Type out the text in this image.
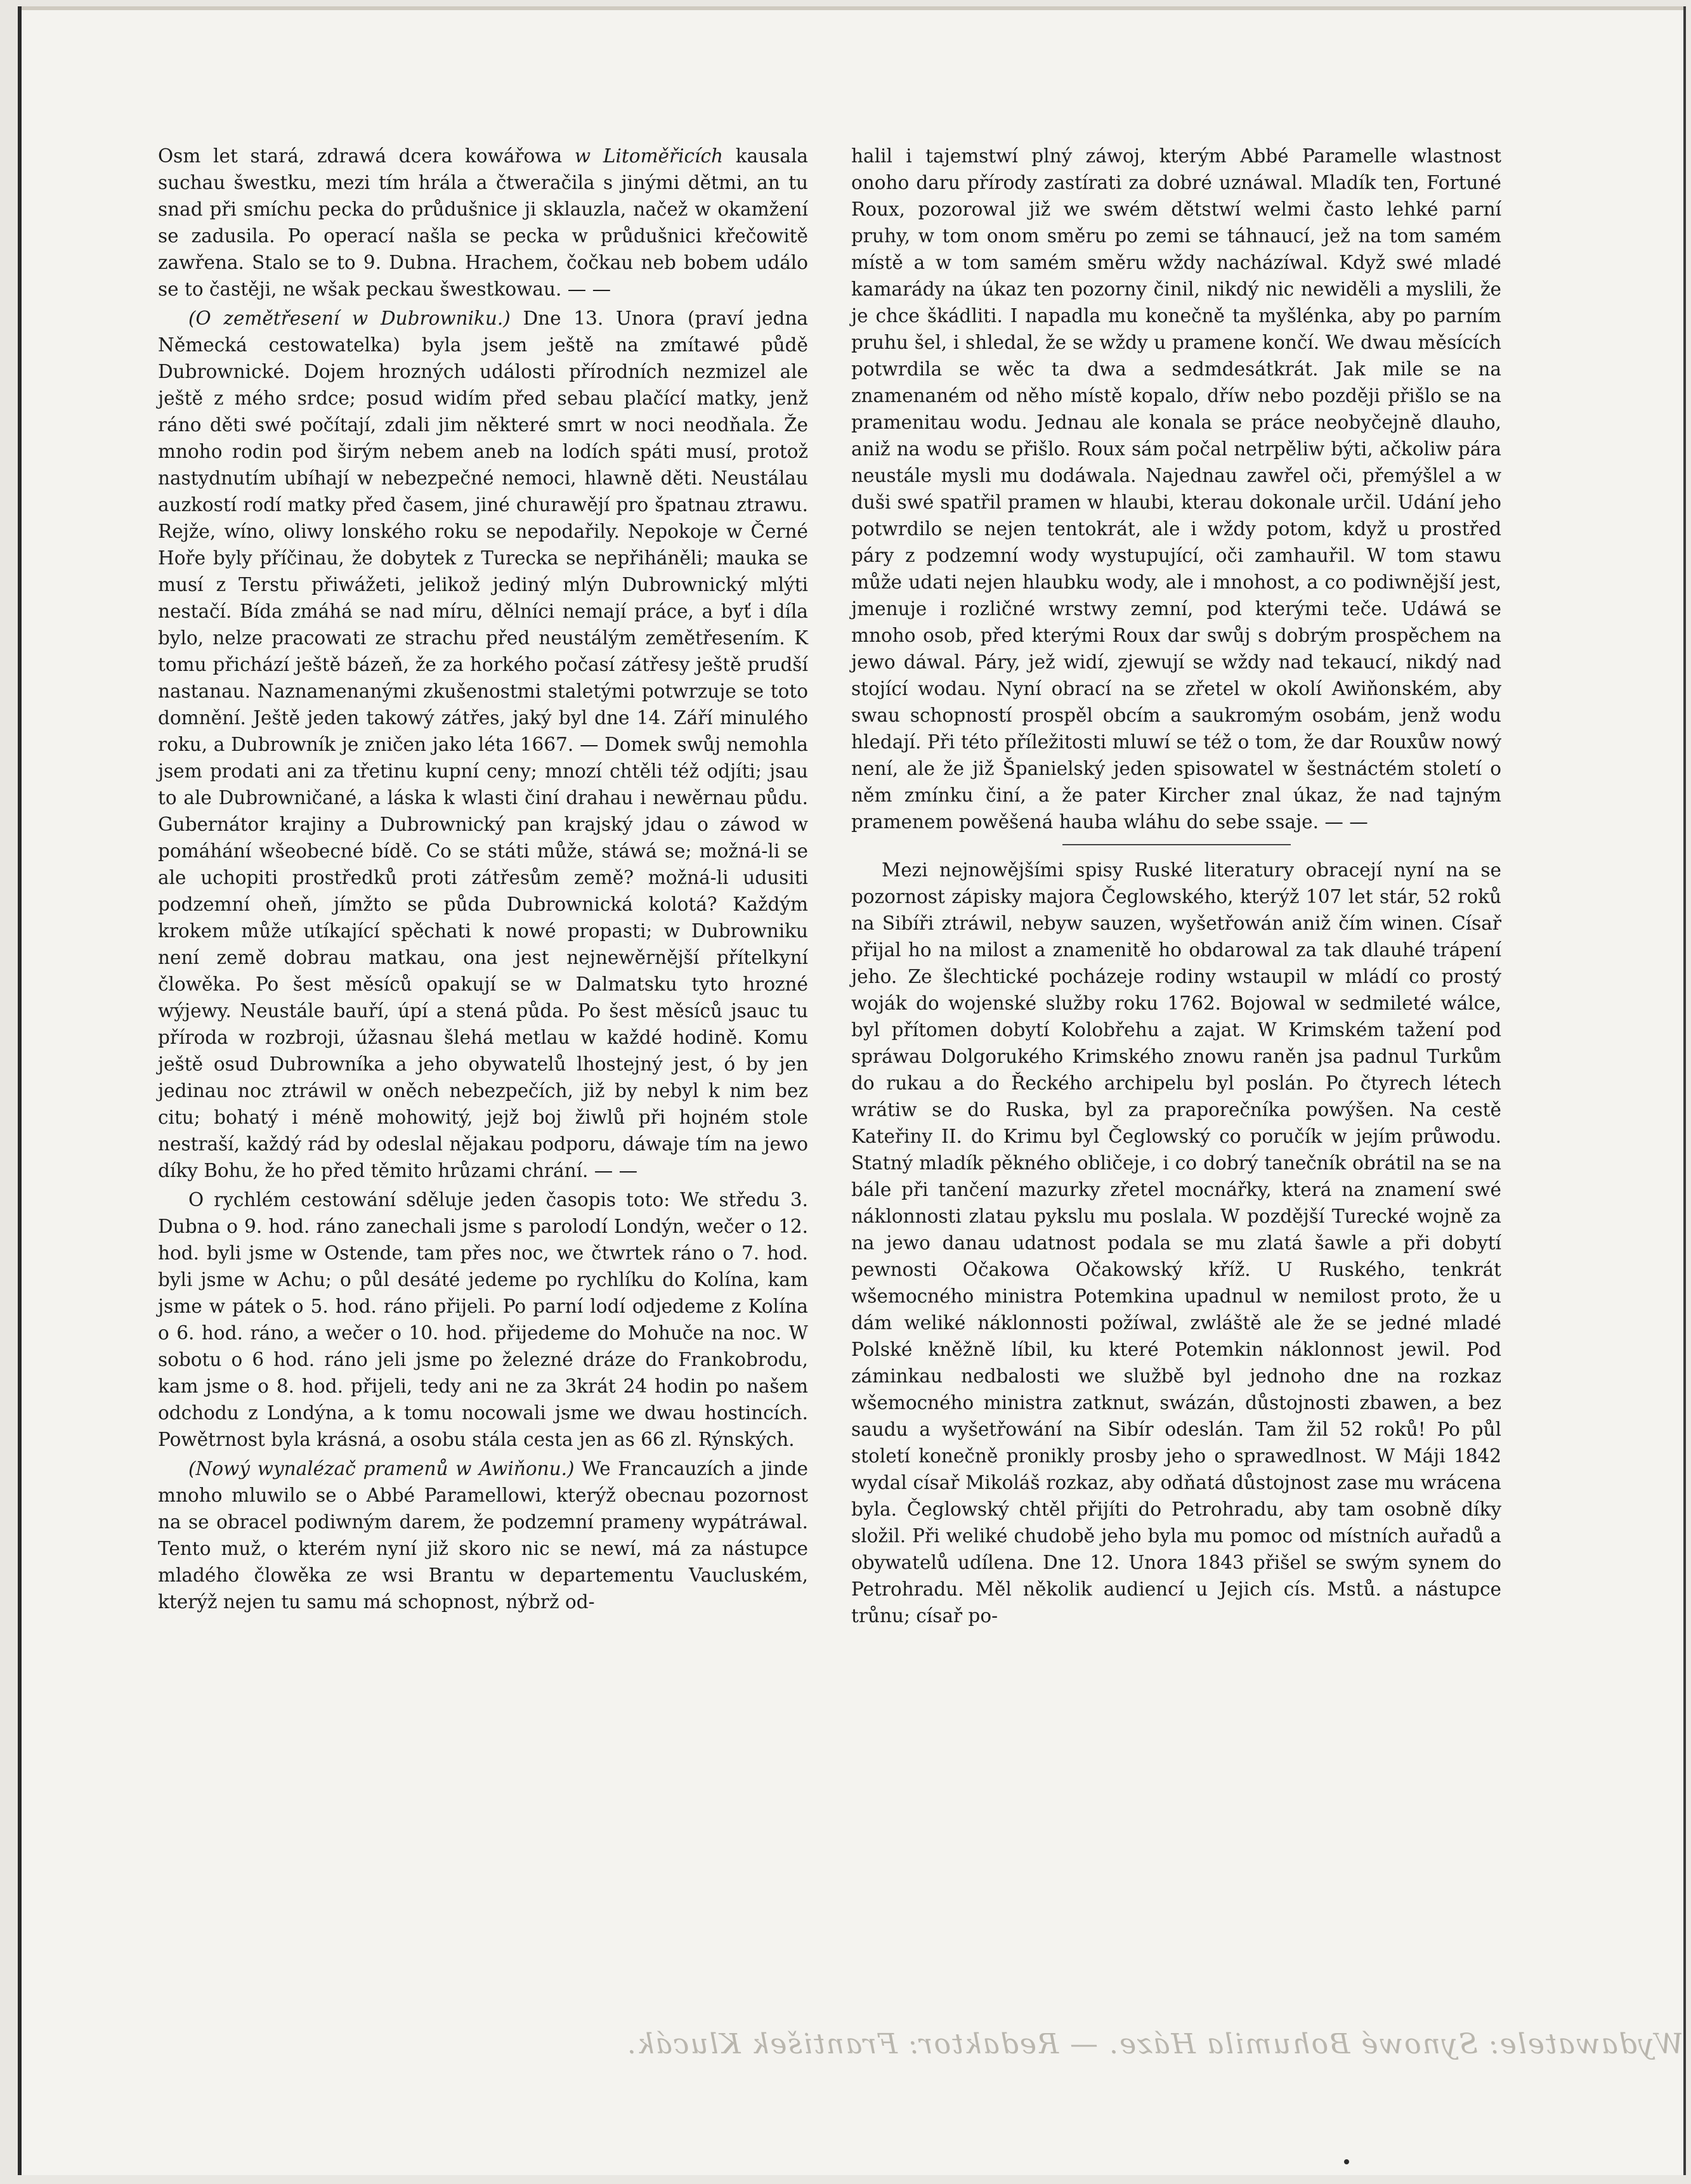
Osm let stará, zdrawá dcera kowářowa w Litoměřicích kausala suchau šwestku, mezi tím hrála a čtweračila s jinými dětmi, an tu snad při smíchu pecka do průdušnice ji sklauzla, načež w okamžení se zadusila. Po operací našla se pecka w průdušnici křečowitě zawřena. Stalo se to 9. Dubna. Hrachem, čočkau neb bobem událo se to častěji, ne wšak peckau šwestkowau. — —

(O zemětřesení w Dubrowniku.) Dne 13. Unora (praví jedna Německá cestowatelka) byla jsem ještě na zmítawé půdě Dubrownické. Dojem hrozných události přírodních nezmizel ale ještě z mého srdce; posud widím před sebau plačící matky, jenž ráno děti swé počítají, zdali jim některé smrt w noci neodňala. Že mnoho rodin pod širým nebem aneb na lodích spáti musí, protož nastydnutím ubíhají w nebezpečné nemoci, hlawně děti. Neustálau auzkostí rodí matky před časem, jiné churawějí pro špatnau ztrawu. Rejže, wíno, oliwy lonského roku se nepodařily. Nepokoje w Černé Hoře byly příčinau, že dobytek z Turecka se nepřihánělі; mauka se musí z Terstu přiwážeti, jelikož jediný mlýn Dubrownický mlýti nestačí. Bída zmáhá se nad míru, dělníci nemají práce, a byť i díla bylo, nelze pracowati ze strachu před neustálým zemětřesením. K tomu přichází ještě bázeň, že za horkého počasí zátřesy ještě prudší nastanau. Naznamenanými zkušenostmi staletými potwrzuje se toto domnění. Ještě jeden takowý zátřes, jaký byl dne 14. Září minulého roku, a Dubrowník je zničen jako léta 1667. — Domek swůj nemohla jsem prodati ani za třetinu kupní ceny; mnozí chtěli též odjíti; jsau to ale Dubrowničané, a láska k wlasti činí drahau i newěrnau půdu. Gubernátor krajiny a Dubrownický pan krajský jdau o záwod w pomáhání wšeobecné bídě. Co se státi může, stáwá se; možná-li se ale uchopiti prostředků proti zátřesům země? možná-li udusiti podzemní oheň, jímžto se půda Dubrownická kolotá? Každým krokem může utíkající spěchati k nowé propasti; w Dubrowniku není země dobrau matkau, ona jest nejnewěrnější přítelkyní člowěka. Po šest měsíců opakují se w Dalmatsku tyto hrozné wýjewy. Neustále bauří, úpí a stená půda. Po šest měsíců jsauc tu příroda w rozbroji, úžasnau šlehá metlau w každé hodině. Komu ještě osud Dubrowníka a jeho obywatelů lhostejný jest, ó by jen jedinau noc ztráwil w oněch nebezpečích, již by nebyl k nim bez citu; bohatý i méně mohowitý, jejž boj žiwlů při hojném stole nestraší, každý rád by odeslal nějakau podporu, dáwaje tím na jewo díky Bohu, že ho před těmito hrůzami chrání. — —

O rychlém cestowání sděluje jeden časopis toto: We středu 3. Dubna o 9. hod. ráno zanechali jsme s parolodí Londýn, wečer o 12. hod. byli jsme w Ostende, tam přes noc, we čtwrtek ráno o 7. hod. byli jsme w Achu; o půl desáté jedeme po rychlíku do Kolína, kam jsme w pátek o 5. hod. ráno přijeli. Po parní lodí odjedeme z Kolína o 6. hod. ráno, a wečer o 10. hod. přijedeme do Mohuče na noc. W sobotu o 6 hod. ráno jeli jsme po železné dráze do Frankobrodu, kam jsme o 8. hod. přijeli, tedy ani ne za 3krát 24 hodin po našem odchodu z Londýna, a k tomu nocowali jsme we dwau hostincích. Powětrnost byla krásná, a osobu stála cesta jen as 66 zl. Rýnských.

(Nowý wynalézač pramenů w Awiňonu.) We Francauzích a jinde mnoho mluwilo se o Abbé Paramellowi, kterýž obecnau pozornost na se obracel podiwným darem, že podzemní prameny wypátráwal. Tento muž, o kterém nyní již skoro nic se newí, má za nástupce mladého člowěka ze wsi Brantu w departementu Vaucluském, kterýž nejen tu samu má schopnost, nýbrž od-

halil i tajemstwí plný záwoj, kterým Abbé Paramelle wlastnost onoho daru přírody zastírati za dobré uznáwal. Mladík ten, Fortuné Roux, pozorowal již we swém dětstwí welmi často lehké parní pruhy, w tom onom směru po zemi se táhnaucí, jež na tom samém místě a w tom samém směru wždy nacházíwal. Když swé mladé kamarády na úkaz ten pozorny činil, nikdý nic newiděli a myslili, že je chce škádliti. I napadla mu konečně ta myšlénka, aby po parním pruhu šel, i shledal, že se wždy u pramene končí. We dwau měsících potwrdila se wěc ta dwa a sedmdesátkrát. Jak mile se na znamenaném od něho místě kopalo, dříw nebo později přišlo se na pramenitau wodu. Jednau ale konala se práce neobyčejně dlauho, aniž na wodu se přišlo. Roux sám počal netrpěliw býti, ačkoliw pára neustále mysli mu dodáwala. Najednau zawřel oči, přemýšlel a w duši swé spatřil pramen w hlaubi, kterau dokonale určil. Udání jeho potwrdilo se nejen tentokrát, ale i wždy potom, když u prostřed páry z podzemní wody wystupující, oči zamhauřil. W tom stawu může udati nejen hlaubku wody, ale i mnohost, a co podiwnější jest, jmenuje i rozličné wrstwy zemní, pod kterými teče. Udáwá se mnoho osob, před kterými Roux dar swůj s dobrým prospěchem na jewo dáwal. Páry, jež widí, zjewují se wždy nad tekaucí, nikdý nad stojící wodau. Nyní obrací na se zřetel w okolí Awiňonském, aby swau schopností prospěl obcím a saukromým osobám, jenž wodu hledají. Při této příležitosti mluwí se též o tom, že dar Rouxůw nowý není, ale že již Španielský jeden spisowatel w šestnáctém století o něm zmínku činí, a že pater Kircher znal úkaz, že nad tajným pramenem powěšená hauba wláhu do sebe ssaje. — —

Mezi nejnowějšími spisy Ruské literatury obracejí nyní na se pozornost zápisky majora Čeglowského, kterýž 107 let stár, 52 roků na Sibíři ztráwil, nebyw sauzen, wyšetřowán aniž čím winen. Císař přijal ho na milost a znamenitě ho obdarowal za tak dlauhé trápení jeho. Ze šlechtické pocházeje rodiny wstaupil w mládí co prostý woják do wojenské služby roku 1762. Bojowal w sedmileté wálce, byl přítomen dobytí Kolobřehu a zajat. W Krimském tažení pod spráwau Dolgorukého Krimského znowu raněn jsa padnul Turkům do rukau a do Řeckého archipelu byl poslán. Po čtyrech létech wrátiw se do Ruska, byl za praporečníka powýšen. Na cestě Kateřiny II. do Krimu byl Čeglowský co poručík w jejím průwodu. Statný mladík pěkného obličeje, i co dobrý tanečník obrátil na se na bále při tančení mazurky zřetel mocnářky, která na znamení swé náklonnosti zlatau pykslu mu poslala. W pozdější Turecké wojně za na jewo danau udatnost podala se mu zlatá šawle a při dobytí pewnosti Očakowa Očakowský kříž. U Ruského, tenkrát wšemocného ministra Potemkina upadnul w nemilost proto, že u dám weliké náklonnosti požíwal, zwláště ale že se jedné mladé Polské kněžně líbil, ku které Potemkin náklonnost jewil. Pod záminkau nedbalosti we službě byl jednoho dne na rozkaz wšemocného ministra zatknut, swázán, důstojnosti zbawen, a bez saudu a wyšetřowání na Sibír odeslán. Tam žil 52 roků! Po půl století konečně pronikly prosby jeho o sprawedlnost. W Máji 1842 wydal císař Mikoláš rozkaz, aby odňatá důstojnost zase mu wrácena byla. Čeglowský chtěl přijíti do Petrohradu, aby tam osobně díky složil. Při weliké chudobě jeho byla mu pomoc od místních auřadů a obywatelů udílena. Dne 12. Unora 1843 přišel se swým synem do Petrohradu. Měl několik audiencí u Jejich cís. Mstů. a nástupce trůnu; císař po-

Wydawatele: Synowé Bohumila Háze. — Redaktor: František Klucák.
